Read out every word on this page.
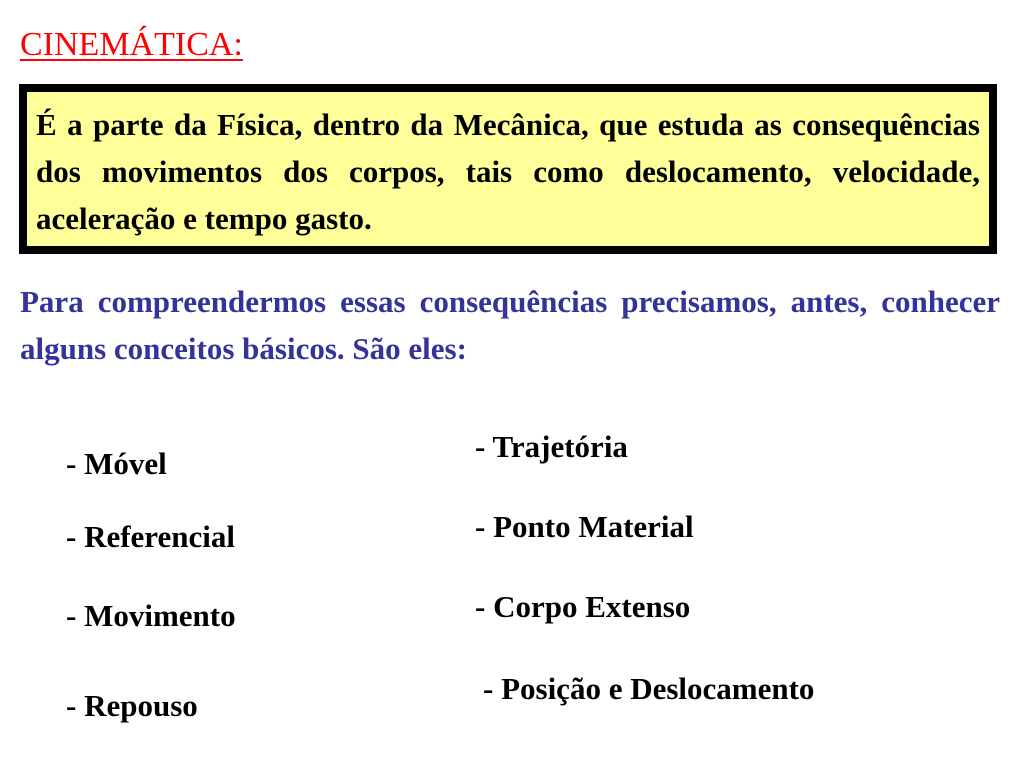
CINEMÁTICA:

É a parte da Física, dentro da Mecânica, que estuda as consequências dos movimentos dos corpos, tais como deslocamento, velocidade, aceleração e tempo gasto.

Para compreendermos essas consequências precisamos, antes, conhecer alguns conceitos básicos. São eles:

- Móvel

- Referencial

- Movimento

- Repouso

- Trajetória

- Ponto Material

- Corpo Extenso

- Posição e Deslocamento
